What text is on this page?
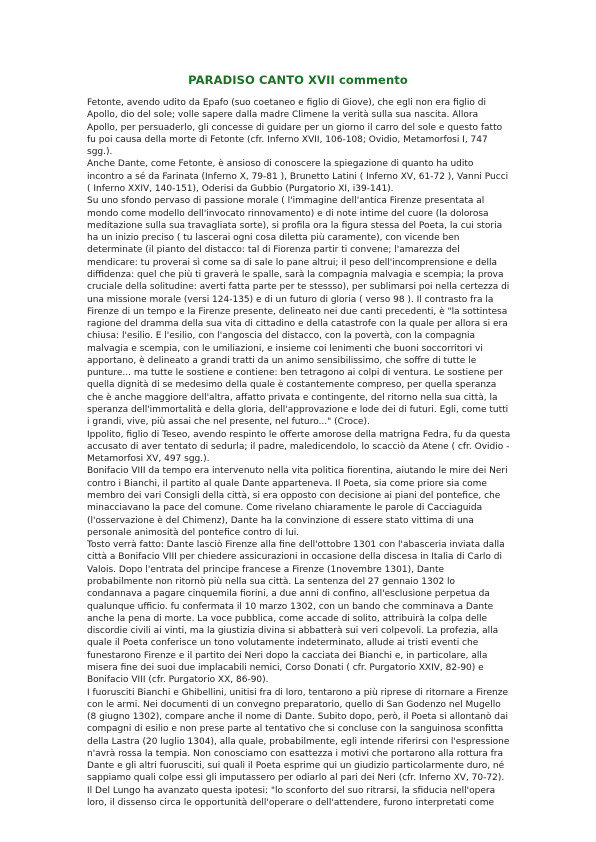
PARADISO CANTO XVII commento

Fetonte, avendo udito da Epafo (suo coetaneo e figlio di Giove), che egli non era figlio di Apollo, dio del sole; volle sapere dalla madre Climene la verità sulla sua nascita. Allora Apollo, per persuaderlo, gli concesse di guidare per un giorno il carro del sole e questo fatto fu poi causa della morte di Fetonte (cfr. Inferno XVII, 106-108; Ovidio, Metamorfosi I, 747 sgg.).

Anche Dante, come Fetonte, è ansioso di conoscere la spiegazione di quanto ha udito incontro a sé da Farinata (Inferno X, 79-81 ), Brunetto Latini ( Inferno XV, 61-72 ), Vanni Pucci ( Inferno XXIV, 140-151), Oderisi da Gubbio (Purgatorio XI, i39-141).

Su uno sfondo pervaso di passione morale ( l'immagine dell'antica Firenze presentata al mondo come modello dell'invocato rinnovamento) e di note intime del cuore (la dolorosa meditazione sulla sua travagliata sorte), si profila ora la figura stessa del Poeta, la cui storia ha un inizio preciso ( tu lascerai ogni cosa diletta più caramente), con vicende ben determinate (il pianto del distacco: tal di Fiorenza partir ti convene; l'amarezza del mendicare: tu proverai sì come sa di sale lo pane altrui; il peso dell'incomprensione e della diffidenza: quel che più ti graverà le spalle, sarà la compagnia malvagia e scempia; la prova cruciale della solitudine: averti fatta parte per te stessso), per sublimarsi poi nella certezza di una missione morale (versi 124-135) e di un futuro di gloria ( verso 98 ). Il contrasto fra la Firenze di un tempo e la Firenze presente, delineato nei due canti precedenti, è "la sottintesa ragione del dramma della sua vita di cittadino e della catastrofe con la quale per allora si era chiusa: l'esilio. E l'esilio, con l'angoscia del distacco, con la povertà, con la compagnia malvagia e scempia, con le umiliazioni, e insieme coi lenimenti che buoni soccorritori vi apportano, è delineato a grandi tratti da un animo sensibilissimo, che soffre di tutte le punture... ma tutte le sostiene e contiene: ben tetragono ai colpi di ventura. Le sostiene per quella dignità di se medesimo della quale è costantemente compreso, per quella speranza che è anche maggiore dell'altra, affatto privata e contingente, del ritorno nella sua città, la speranza dell'immortalità e della gloria, dell'approvazione e lode dei di futuri. Egli, come tutti i grandi, vive, più assai che nel presente, nel futuro..." (Croce).

Ippolito, figlio di Teseo, avendo respinto le offerte amorose della matrigna Fedra, fu da questa accusato di aver tentato di sedurla; il padre, maledicendolo, lo scacciò da Atene ( cfr. Ovidio - Metamorfosi XV, 497 sgg.).

Bonifacio VIII da tempo era intervenuto nella vita politica fiorentina, aiutando le mire dei Neri contro i Bianchi, il partito al quale Dante apparteneva. Il Poeta, sia come priore sia come membro dei vari Consigli della città, si era opposto con decisione ai piani del pontefice, che minacciavano la pace del comune. Come rivelano chiaramente le parole di Cacciaguida (l'osservazione è del Chimenz), Dante ha la convinzione di essere stato vittima di una personale animosità del pontefice contro di lui.

Tosto verrà fatto: Dante lasciò Firenze alla fine dell'ottobre 1301 con l'abasceria inviata dalla città a Bonifacio VIII per chiedere assicurazioni in occasione della discesa in Italia di Carlo di Valois. Dopo l'entrata del principe francese a Firenze (1novembre 1301), Dante probabilmente non ritornò più nella sua città. La sentenza del 27 gennaio 1302 lo condannava a pagare cinquemila fiorini, a due anni di confino, all'esclusione perpetua da qualunque ufficio. fu confermata il 10 marzo 1302, con un bando che comminava a Dante anche la pena di morte. La voce pubblica, come accade di solito, attribuirà la colpa delle discordie civili ai vinti, ma la giustizia divina si abbatterà sui veri colpevoli. La profezia, alla quale il Poeta conferisce un tono volutamente indeterminato, allude ai tristi eventi che funestarono Firenze e il partito dei Neri dopo la cacciata dei Bianchi e, in particolare, alla misera fine dei suoi due implacabili nemici, Corso Donati ( cfr. Purgatorio XXIV, 82-90) e Bonifacio VIII (cfr. Purgatorio XX, 86-90).

I fuorusciti Bianchi e Ghibellini, unitisi fra di loro, tentarono a più riprese di ritornare a Firenze con le armi. Nei documenti di un convegno preparatorio, quello di San Godenzo nel Mugello (8 giugno 1302), compare anche il nome di Dante. Subito dopo, però, il Poeta si allontanò dai compagni di esilio e non prese parte al tentativo che si concluse con la sanguinosa sconfitta della Lastra (20 luglio 1304), alla quale, probabilmente, egli intende riferirsi con l'espressione n'avrà rossa la tempia. Non conosciamo con esattezza i motivi che portarono alla rottura fra Dante e gli altri fuorusciti, sui quali il Poeta esprime qui un giudizio particolarmente duro, né sappiamo quali colpe essi gli imputassero per odiarlo al pari dei Neri (cfr. Inferno XV, 70-72). Il Del Lungo ha avanzato questa ipotesi: "lo sconforto del suo ritrarsi, la sfiducia nell'opera loro, il dissenso circa le opportunità dell'operare o dell'attendere, furono interpretati come
